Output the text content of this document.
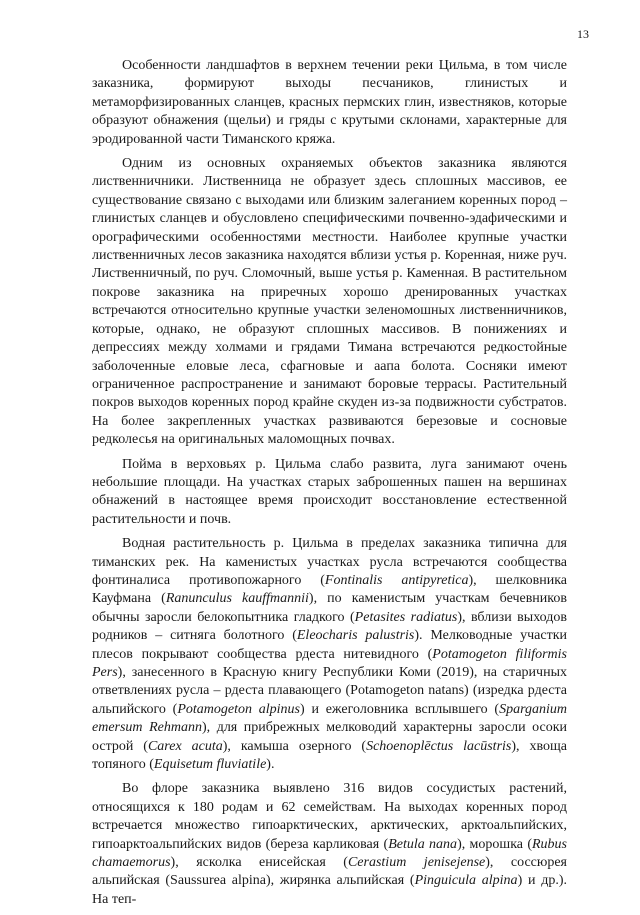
13

Особенности ландшафтов в верхнем течении реки Цильма, в том числе заказника, формируют выходы песчаников, глинистых и метаморфизированных сланцев, красных пермских глин, известняков, которые образуют обнажения (щельи) и гряды с крутыми склонами, характерные для эродированной части Тиманского кряжа.

Одним из основных охраняемых объектов заказника являются лиственничники. Лиственница не образует здесь сплошных массивов, ее существование связано с выходами или близким залеганием коренных пород – глинистых сланцев и обусловлено специфическими почвенно-эдафическими и орографическими особенностями местности. Наиболее крупные участки лиственничных лесов заказника находятся вблизи устья р. Коренная, ниже руч. Лиственничный, по руч. Сломочный, выше устья р. Каменная. В растительном покрове заказника на приречных хорошо дренированных участках встречаются относительно крупные участки зеленомошных лиственничников, которые, однако, не образуют сплошных массивов. В понижениях и депрессиях между холмами и грядами Тимана встречаются редкостойные заболоченные еловые леса, сфагновые и аапа болота. Сосняки имеют ограниченное распространение и занимают боровые террасы. Растительный покров выходов коренных пород крайне скуден из-за подвижности субстратов. На более закрепленных участках развиваются березовые и сосновые редколесья на оригинальных маломощных почвах.

Пойма в верховьях р. Цильма слабо развита, луга занимают очень небольшие площади. На участках старых заброшенных пашен на вершинах обнажений в настоящее время происходит восстановление естественной растительности и почв.

Водная растительность р. Цильма в пределах заказника типична для тиманских рек. На каменистых участках русла встречаются сообщества фонтиналиса противопожарного (Fontinalis antipyretica), шелковника Кауфмана (Ranunculus kauffmannii), по каменистым участкам бечевников обычны заросли белокопытника гладкого (Petasites radiatus), вблизи выходов родников – ситняга болотного (Eleocharis palustris). Мелководные участки плесов покрывают сообщества рдеста нитевидного (Potamogeton filiformis Pers), занесенного в Красную книгу Республики Коми (2019), на старичных ответвлениях русла – рдеста плавающего (Potamogeton natans) (изредка рдеста альпийского (Potamogeton alpinus) и ежеголовника всплывшего (Sparganium emersum Rehmann), для прибрежных мелководий характерны заросли осоки острой (Carex acuta), камыша озерного (Schoenoplēctus lacūstris), хвоща топяного (Equisetum fluviatile).

Во флоре заказника выявлено 316 видов сосудистых растений, относящихся к 180 родам и 62 семействам. На выходах коренных пород встречается множество гипоарктических, арктических, арктоальпийских, гипоарктоальпийских видов (береза карликовая (Betula nana), морошка (Rubus chamaemorus), ясколка енисейская (Cerastium jenisejense), соссюрея альпийская (Saussurea alpina), жирянка альпийская (Pinguicula alpina) и др.). На теп-
